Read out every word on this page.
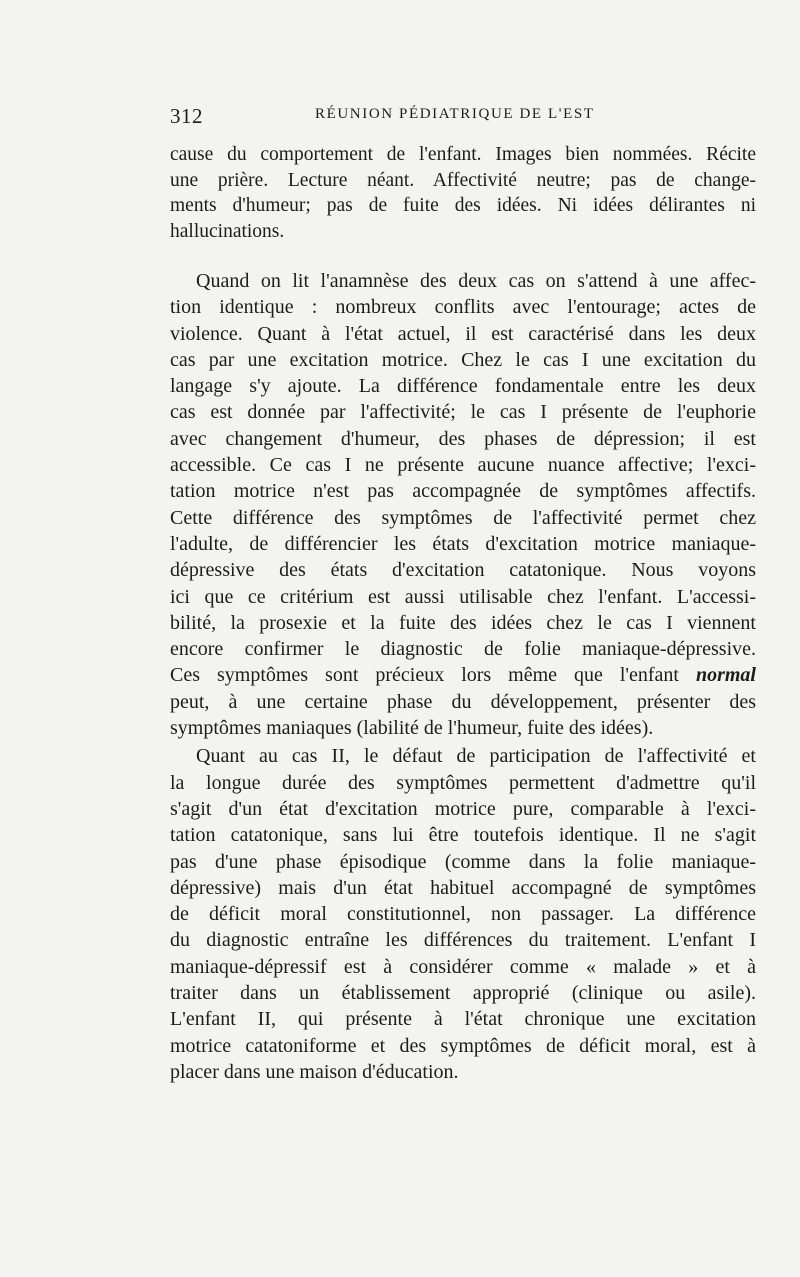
312	RÉUNION PÉDIATRIQUE DE L'EST

cause du comportement de l'enfant. Images bien nommées. Récite
une prière. Lecture néant. Affectivité neutre; pas de change-
ments d'humeur; pas de fuite des idées. Ni idées délirantes ni
hallucinations.

Quand on lit l'anamnèse des deux cas on s'attend à une affec-
tion identique : nombreux conflits avec l'entourage; actes de
violence. Quant à l'état actuel, il est caractérisé dans les deux
cas par une excitation motrice. Chez le cas I une excitation du
langage s'y ajoute. La différence fondamentale entre les deux
cas est donnée par l'affectivité; le cas I présente de l'euphorie
avec changement d'humeur, des phases de dépression; il est
accessible. Ce cas I ne présente aucune nuance affective; l'exci-
tation motrice n'est pas accompagnée de symptômes affectifs.
Cette différence des symptômes de l'affectivité permet chez
l'adulte, de différencier les états d'excitation motrice maniaque-
dépressive des états d'excitation catatonique. Nous voyons
ici que ce critérium est aussi utilisable chez l'enfant. L'accessi-
bilité, la prosexie et la fuite des idées chez le cas I viennent
encore confirmer le diagnostic de folie maniaque-dépressive.
Ces symptômes sont précieux lors même que l'enfant normal
peut, à une certaine phase du développement, présenter des
symptômes maniaques (labilité de l'humeur, fuite des idées).

Quant au cas II, le défaut de participation de l'affectivité et
la longue durée des symptômes permettent d'admettre qu'il
s'agit d'un état d'excitation motrice pure, comparable à l'exci-
tation catatonique, sans lui être toutefois identique. Il ne s'agit
pas d'une phase épisodique (comme dans la folie maniaque-
dépressive) mais d'un état habituel accompagné de symptômes
de déficit moral constitutionnel, non passager. La différence
du diagnostic entraîne les différences du traitement. L'enfant I
maniaque-dépressif est à considérer comme « malade » et à
traiter dans un établissement approprié (clinique ou asile).
L'enfant II, qui présente à l'état chronique une excitation
motrice catatoniforme et des symptômes de déficit moral, est à
placer dans une maison d'éducation.
